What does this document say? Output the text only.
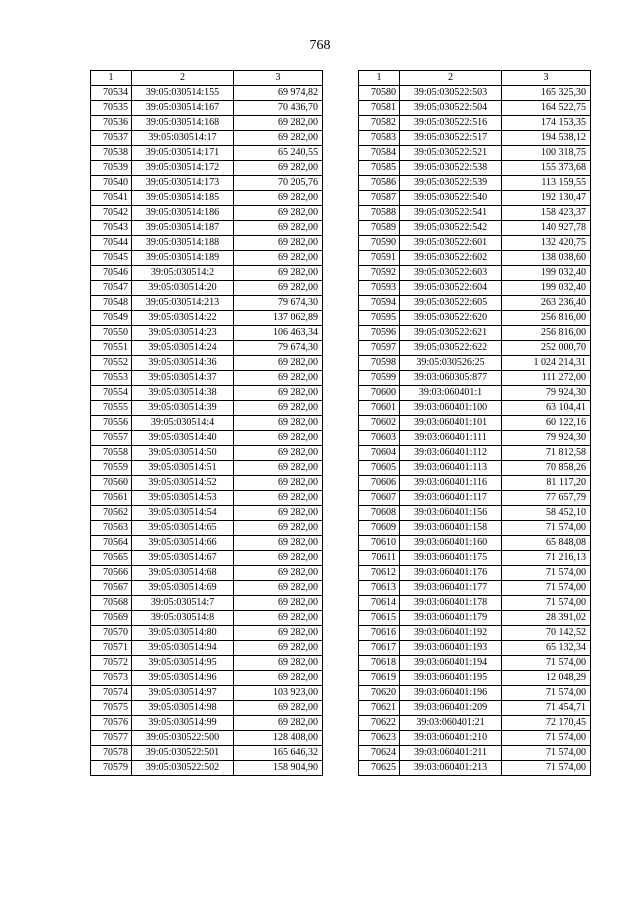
768
1	2	3
70534	39:05:030514:155	69 974,82
70535	39:05:030514:167	70 436,70
70536	39:05:030514:168	69 282,00
70537	39:05:030514:17	69 282,00
70538	39:05:030514:171	65 240,55
70539	39:05:030514:172	69 282,00
70540	39:05:030514:173	70 205,76
70541	39:05:030514:185	69 282,00
70542	39:05:030514:186	69 282,00
70543	39:05:030514:187	69 282,00
70544	39:05:030514:188	69 282,00
70545	39:05:030514:189	69 282,00
70546	39:05:030514:2	69 282,00
70547	39:05:030514:20	69 282,00
70548	39:05:030514:213	79 674,30
70549	39:05:030514:22	137 062,89
70550	39:05:030514:23	106 463,34
70551	39:05:030514:24	79 674,30
70552	39:05:030514:36	69 282,00
70553	39:05:030514:37	69 282,00
70554	39:05:030514:38	69 282,00
70555	39:05:030514:39	69 282,00
70556	39:05:030514:4	69 282,00
70557	39:05:030514:40	69 282,00
70558	39:05:030514:50	69 282,00
70559	39:05:030514:51	69 282,00
70560	39:05:030514:52	69 282,00
70561	39:05:030514:53	69 282,00
70562	39:05:030514:54	69 282,00
70563	39:05:030514:65	69 282,00
70564	39:05:030514:66	69 282,00
70565	39:05:030514:67	69 282,00
70566	39:05:030514:68	69 282,00
70567	39:05:030514:69	69 282,00
70568	39:05:030514:7	69 282,00
70569	39:05:030514:8	69 282,00
70570	39:05:030514:80	69 282,00
70571	39:05:030514:94	69 282,00
70572	39:05:030514:95	69 282,00
70573	39:05:030514:96	69 282,00
70574	39:05:030514:97	103 923,00
70575	39:05:030514:98	69 282,00
70576	39:05:030514:99	69 282,00
70577	39:05:030522:500	128 408,00
70578	39:05:030522:501	165 646,32
70579	39:05:030522:502	158 904,90
1	2	3
70580	39:05:030522:503	165 325,30
70581	39:05:030522:504	164 522,75
70582	39:05:030522:516	174 153,35
70583	39:05:030522:517	194 538,12
70584	39:05:030522:521	100 318,75
70585	39:05:030522:538	155 373,68
70586	39:05:030522:539	113 159,55
70587	39:05:030522:540	192 130,47
70588	39:05:030522:541	158 423,37
70589	39:05:030522:542	140 927,78
70590	39:05:030522:601	132 420,75
70591	39:05:030522:602	138 038,60
70592	39:05:030522:603	199 032,40
70593	39:05:030522:604	199 032,40
70594	39:05:030522:605	263 236,40
70595	39:05:030522:620	256 816,00
70596	39:05:030522:621	256 816,00
70597	39:05:030522:622	252 000,70
70598	39:05:030526:25	1 024 214,31
70599	39:03:060305:877	111 272,00
70600	39:03:060401:1	79 924,30
70601	39:03:060401:100	63 104,41
70602	39:03:060401:101	60 122,16
70603	39:03:060401:111	79 924,30
70604	39:03:060401:112	71 812,58
70605	39:03:060401:113	70 858,26
70606	39:03:060401:116	81 117,20
70607	39:03:060401:117	77 657,79
70608	39:03:060401:156	58 452,10
70609	39:03:060401:158	71 574,00
70610	39:03:060401:160	65 848,08
70611	39:03:060401:175	71 216,13
70612	39:03:060401:176	71 574,00
70613	39:03:060401:177	71 574,00
70614	39:03:060401:178	71 574,00
70615	39:03:060401:179	28 391,02
70616	39:03:060401:192	70 142,52
70617	39:03:060401:193	65 132,34
70618	39:03:060401:194	71 574,00
70619	39:03:060401:195	12 048,29
70620	39:03:060401:196	71 574,00
70621	39:03:060401:209	71 454,71
70622	39:03:060401:21	72 170,45
70623	39:03:060401:210	71 574,00
70624	39:03:060401:211	71 574,00
70625	39:03:060401:213	71 574,00
